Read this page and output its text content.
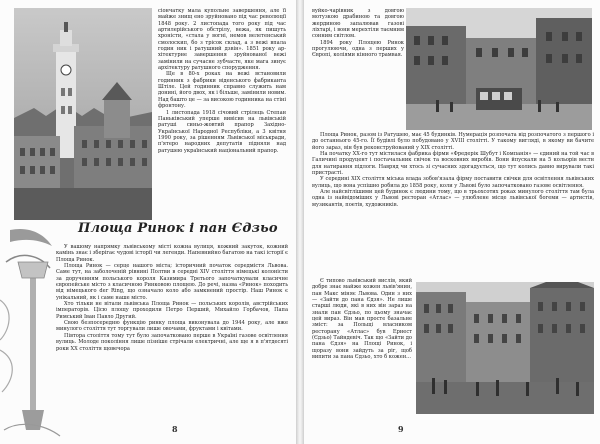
сiончатку мала купольне завершення, але її майже знищ ено зруйновано пiд час революцiї 1848 року. 2 листопада того року пiд час артилерiйського обстрiлу, вежа, як пишуть хронiсти, «стала у вогнi, немов велетенський смолоскип, бо з трiсок склад, а з вежі впала годин ник i ратушний дзвiн». 1851 року ар хiтектурне завершення зруйнованої вежі замiнили на сучасне зубчасте, яке мага зинує архiтектуру ратушного спорудження.

Ще в 80-х роках на вежi встановили годинник з фабрики вiденського фабриканта Штiле. Цей годинник справно служить нам донинi, його двох, як і більше, замiнили новим. Над башто це — за високою годинника на стіні фронтону.

1 листопада 1918 сiчовий стрiлець Степан Панькiвський уперше вивiсив на львiвськiй ратушi синьо-жовтий прапор Захiдно-Української Народної Республiки, а 3 квітня 1990 року, за рiшенням Львiвської мiськради, п'ятеро народних депутатiв пiдняли над ратушею український нацiональний прапор.

Площа Ринок і пан Єдзьо

У вашому напрямку львівському мiстi кожна вулиця, кожний закуток, кожний камiнь знає i зберiгає чудовi iсторiї чи легенди. Напевнийно багатою на такi iсторiї є Площа Ринок.

Площа Ринок — серце нашого мiста; iсторичний початок середмiстя Львова. Саме тут, на заболоченiй рiвнинi Полтви в середнi XIV столiття нiмецькi колонiсти за дорученням польського короля Казимира Третього започаткували класичне європейське мiсто з класичною Ринковою площею. До речi, назва «Ринок» походить вiд нiмецького der Ring, що означало коло або замкнений простiр. Наш Ринок є унiкальний, як i саме наше мiсто.

Хто тiльки не вiтали львiвська Площа Ринок — польських королiв, австрiйських iмператорiв. Цiсю площу проходили Петро Перший, Михайло Горбачов, Папа Римський Іван Павло Другий.

Свою безпосередню функцiю ринку площа виконувала до 1944 року, але вже минулого столiття тут торгували лише овочами, фруктами i квiтами.

Пiвтора столiття тому тут було започатковано перше в Українi газове освiтлення вулиць. Молоде поколiння лише пiзнiше стрiчали електричнi, але ще я в п'ятдесятi роки ХХ столiття щовечора

8

вуйко-чарiвник з довгою мотузкою драбиною та довгою жердиною запалював газовi лiхтарi, i вони мерехтiли таємним сонним свiтлом.

1894 року Площею Ринок прогулюючи, одна з перших у Європi, коліями кінного трамвая.

Площа Ринок, разом iз Ратушею, має 45 будинкiв. Нумерацiя розпочата вiд розпочатого з першого i до останнього 45-го. Її будiвлi було побудовано у XVIII столiттi. У такому вигляді, в якому ви бачите його зараз, вiн був реконструйований у ХІХ столiттi.

На початку ХХ-го тут мiстилася фабрика фiрми «Фредерiк Шубут i Компанiя» — єдиний на той час в Галичинi продуцент i постачальник свiчок та восковних виробiв. Вони йпускали на 5 кольорів вестн для натирання пiдлоги. Навряд чи хтось зi сучасних здогадується, що тут колись давно вирували такi пристрасті.

У середині XIX столiття мiська влада зобов'язала фiрму поставити свiчки для освiтлення львiвських вулиць, що вона успiшно робила до 1858 року, коли у Львовi було започатковано газове освiтлення.

Але найсвiтлiшими цей будинок є людини тому, що в трьохсотих роках минулого столiття там була одна iз найвідомiших у Львовi ресторан «Атлас» — улюблене мiсце львiвської богеми — артистiв, музикантiв, поетiв, художникiв.

Є типово львiвський вислiв, який добре знає майже кожен львiв'янин, пан Макс мiняє Львова. Один з них — «Зайти до пана Єдзя». Не лише старшi люди, якi в них вiн зараз на знали пан Єдзьо, по цьому значає цей вираз. Вiн мав просте базальне змiст: за Польщi власником ресторану «Атлас» був Ернест (Єдзьо) Тайндевiч. Так що «Зайти до пана Єдзя» на Площi Ринок, i щоразу вони зайдуть за рiг, щоб випити за пана Єдзьо, хто б кожен...

9
